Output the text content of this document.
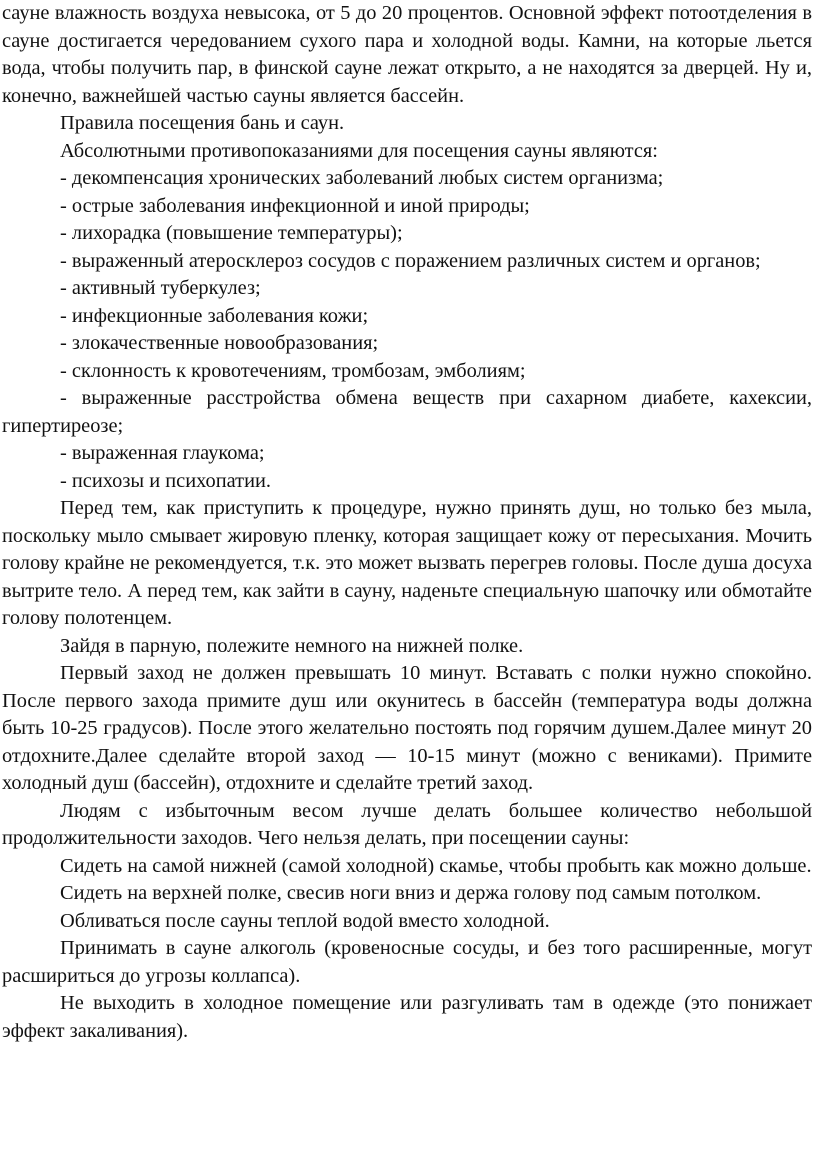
сауне влажность воздуха невысока, от 5 до 20 процентов. Основной эффект потоотделения в сауне достигается чередованием сухого пара и холодной воды. Камни, на которые льется вода, чтобы получить пар, в финской сауне лежат открыто, а не находятся за дверцей. Ну и, конечно, важнейшей частью сауны является бассейн.

Правила посещения бань и саун.

Абсолютными противопоказаниями для посещения сауны являются:

- декомпенсация хронических заболеваний любых систем организма;

- острые заболевания инфекционной и иной природы;

- лихорадка (повышение температуры);

- выраженный атеросклероз сосудов с поражением различных систем и органов;

- активный туберкулез;

- инфекционные заболевания кожи;

- злокачественные новообразования;

- склонность к кровотечениям, тромбозам, эмболиям;

- выраженные расстройства обмена веществ при сахарном диабете, кахексии, гипертиреозе;

- выраженная глаукома;

- психозы и психопатии.

Перед тем, как приступить к процедуре, нужно принять душ, но только без мыла, поскольку мыло смывает жировую пленку, которая защищает кожу от пересыхания. Мочить голову крайне не рекомендуется, т.к. это может вызвать перегрев головы. После душа досуха вытрите тело. А перед тем, как зайти в сауну, наденьте специальную шапочку или обмотайте голову полотенцем.

Зайдя в парную, полежите немного на нижней полке.

Первый заход не должен превышать 10 минут. Вставать с полки нужно спокойно. После первого захода примите душ или окунитесь в бассейн (температура воды должна быть 10-25 градусов). После этого желательно постоять под горячим душем.Далее минут 20 отдохните.Далее сделайте второй заход — 10-15 минут (можно с вениками). Примите холодный душ (бассейн), отдохните и сделайте третий заход.

Людям с избыточным весом лучше делать большее количество небольшой продолжительности заходов. Чего нельзя делать, при посещении сауны:

Сидеть на самой нижней (самой холодной) скамье, чтобы пробыть как можно дольше.

Сидеть на верхней полке, свесив ноги вниз и держа голову под самым потолком.

Обливаться после сауны теплой водой вместо холодной.

Принимать в сауне алкоголь (кровеносные сосуды, и без того расширенные, могут расшириться до угрозы коллапса).

Не выходить в холодное помещение или разгуливать там в одежде (это понижает эффект закаливания).
